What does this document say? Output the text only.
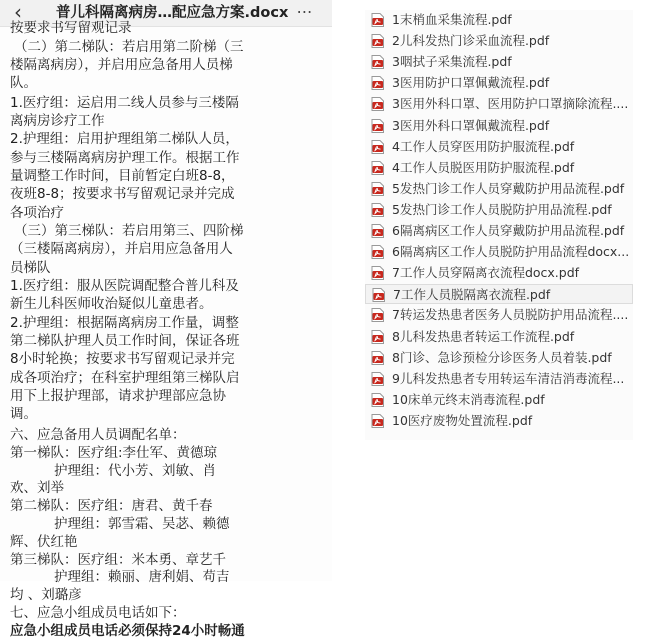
‹	普儿科隔离病房…配应急方案.docx ⋯
按要求书写留观记录
（二）第二梯队：若启用第二阶梯（三
楼隔离病房），并启用应急备用人员梯
队。
1.医疗组：运启用二线人员参与三楼隔
离病房诊疗工作
2.护理组：启用护理组第二梯队人员，
参与三楼隔离病房护理工作。根据工作
量调整工作时间，目前暂定白班8-8，
夜班8-8；按要求书写留观记录并完成
各项治疗
（三）第三梯队：若启用第三、四阶梯
（三楼隔离病房），并启用应急备用人
员梯队
1.医疗组：服从医院调配整合普儿科及
新生儿科医师收治疑似儿童患者。
2.护理组：根据隔离病房工作量，调整
第二梯队护理人员工作时间，保证各班
8小时轮换；按要求书写留观记录并完
成各项治疗；在科室护理组第三梯队启
用下上报护理部，请求护理部应急协
调。
六、应急备用人员调配名单：
第一梯队：医疗组:李仕军、黄德琼
护理组：代小芳、刘敏、肖
欢、刘举
第二梯队：医疗组：唐君、黄千春
护理组：郭雪霜、吴苾、赖德
辉、伏红艳
第三梯队：医疗组：米本勇、章艺千
护理组：赖丽、唐利娟、苟吉
均 、刘璐彦
七、应急小组成员电话如下：
应急小组成员电话必须保持24小时畅通
1末梢血采集流程.pdf
2儿科发热门诊采血流程.pdf
3咽拭子采集流程.pdf
3医用防护口罩佩戴流程.pdf
3医用外科口罩、医用防护口罩摘除流程....
3医用外科口罩佩戴流程.pdf
4工作人员穿医用防护服流程.pdf
4工作人员脱医用防护服流程.pdf
5发热门诊工作人员穿戴防护用品流程.pdf
5发热门诊工作人员脱防护用品流程.pdf
6隔离病区工作人员穿戴防护用品流程.pdf
6隔离病区工作人员脱防护用品流程docx...
7工作人员穿隔离衣流程docx.pdf
7工作人员脱隔离衣流程.pdf
7转运发热患者医务人员脱防护用品流程....
8儿科发热患者转运工作流程.pdf
8门诊、急诊预检分诊医务人员着装.pdf
9儿科发热患者专用转运车清洁消毒流程...
10床单元终末消毒流程.pdf
10医疗废物处置流程.pdf
